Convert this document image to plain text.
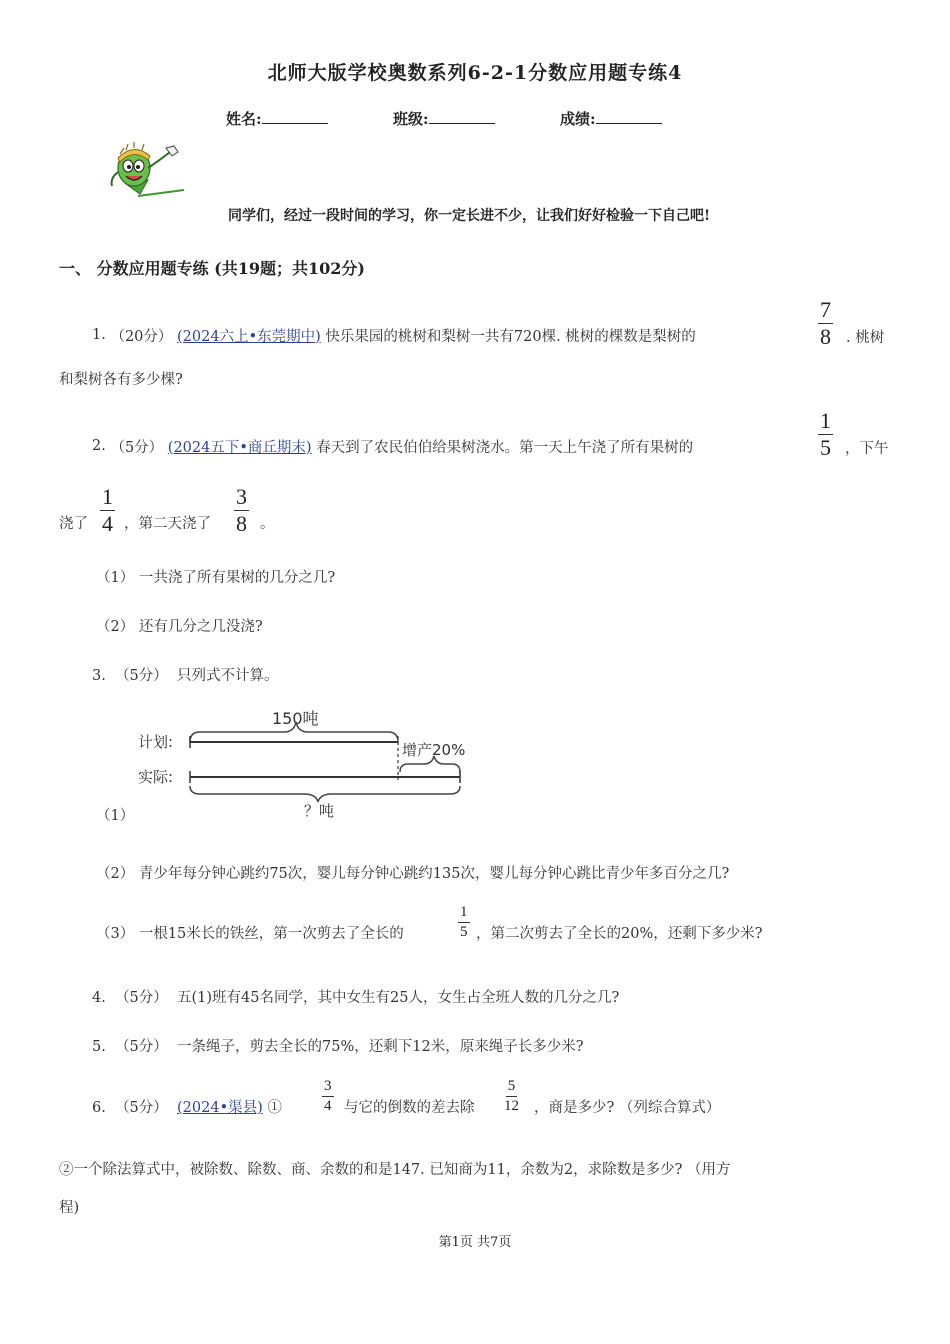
北师大版学校奥数系列6-2-1分数应用题专练4
姓名:	班级:	成绩:
同学们，经过一段时间的学习，你一定长进不少，让我们好好检验一下自己吧!
一、 分数应用题专练 (共19题；共102分)
1.
（20分）
(2024六上•东莞期中)
快乐果园的桃树和梨树一共有720棵. 桃树的棵数是梨树的	$\frac{7}{8}$ . 桃树
和梨树各有多少棵?
2.
（5分）
(2024五下•商丘期末)
春天到了农民伯伯给果树浇水。第一天上午浇了所有果树的	$\frac{1}{5}$ ，下午
浇了 $\frac{1}{4}$ ，第二天浇了 $\frac{3}{8}$ 。
（1） 一共浇了所有果树的几分之几?
（2） 还有几分之几没浇?
3. （5分） 只列式不计算。
150吨
计划:	增产20%
实际:
？吨
（1）
（2） 青少年每分钟心跳约75次，婴儿每分钟心跳约135次，婴儿每分钟心跳比青少年多百分之几?
（3） 一根15米长的铁丝，第一次剪去了全长的	$\frac{1}{5}$ ，第二次剪去了全长的20%，还剩下多少米?
4. （5分） 五(1)班有45名同学，其中女生有25人，女生占全班人数的几分之几?
5. （5分） 一条绳子，剪去全长的75%，还剩下12米，原来绳子长多少米?
6. （5分） (2024•渠县) ①	$\frac{3}{4}$ 与它的倒数的差去除 $\frac{5}{12}$ ，商是多少? （列综合算式）
②一个除法算式中，被除数、除数、商、余数的和是147. 已知商为11，余数为2，求除数是多少? （用方
程)
第1页 共7页
